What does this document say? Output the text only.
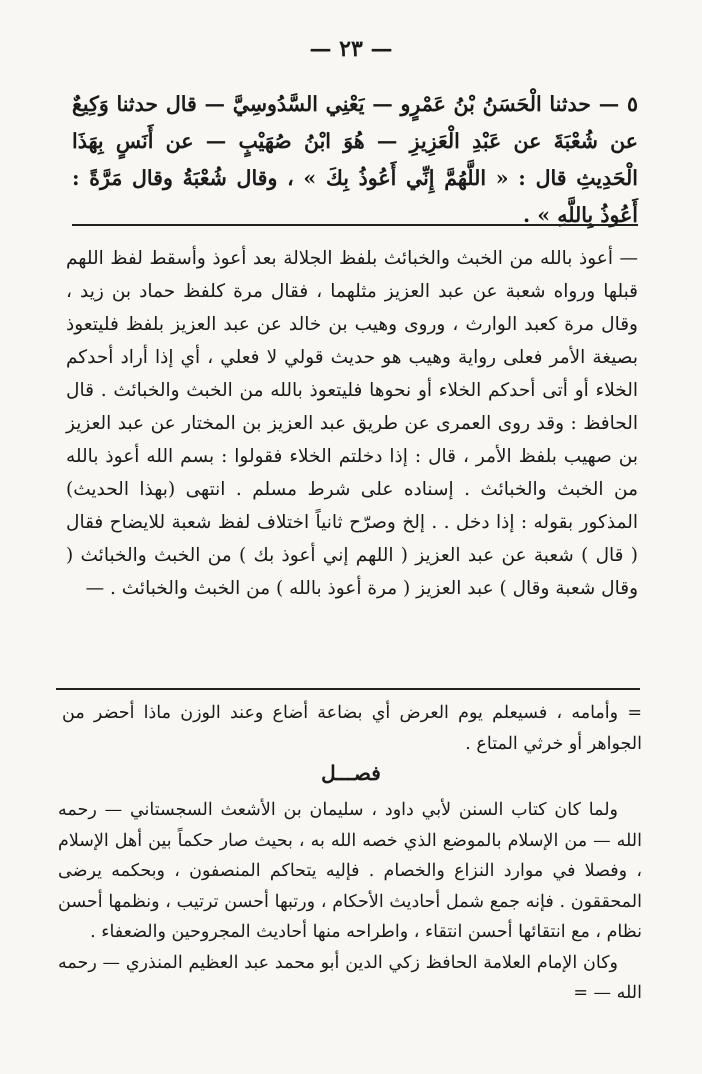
— ٢٣ —

٥ — حدثنا الْحَسَنُ بْنُ عَمْرٍو — يَعْنِي السَّدُوسِيَّ — قال حدثنا وَكِيعٌ عن شُعْبَةَ عن عَبْدِ الْعَزِيزِ — هُوَ ابْنُ صُهَيْبٍ — عن أَنَسٍ بِهَذَا الْحَدِيثِ قال : « اللَّهُمَّ إِنِّي أَعُوذُ بِكَ » ، وقال شُعْبَةُ وقال مَرَّةً : أَعُوذُ بِاللَّهِ » .

— أعوذ بالله من الخبث والخبائث بلفظ الجلالة بعد أعوذ وأسقط لفظ اللهم قبلها ورواه شعبة عن عبد العزيز مثلهما ، فقال مرة كلفظ حماد بن زيد ، وقال مرة كعبد الوارث ، وروى وهيب بن خالد عن عبد العزيز بلفظ فليتعوذ بصيغة الأمر فعلى رواية وهيب هو حديث قولي لا فعلي ، أي إذا أراد أحدكم الخلاء أو أتى أحدكم الخلاء أو نحوها فليتعوذ بالله من الخبث والخبائث . قال الحافظ : وقد روى العمرى عن طريق عبد العزيز بن المختار عن عبد العزيز بن صهيب بلفظ الأمر ، قال : إذا دخلتم الخلاء فقولوا : بسم الله أعوذ بالله من الخبث والخبائث . إسناده على شرط مسلم . انتهى (بهذا الحديث) المذكور بقوله : إذا دخل . . إلخ وصرّح ثانياً اختلاف لفظ شعبة للايضاح فقال ( قال ) شعبة عن عبد العزيز ( اللهم إني أعوذ بك ) من الخبث والخبائث ( وقال شعبة وقال ) عبد العزيز ( مرة أعوذ بالله ) من الخبث والخبائث . —

= وأمامه ، فسيعلم يوم العرض أي بضاعة أضاع وعند الوزن ماذا أحضر من الجواهر أو خرثي المتاع .

فصـــل

ولما كان كتاب السنن لأبي داود ، سليمان بن الأشعث السجستاني — رحمه الله — من الإسلام بالموضع الذي خصه الله به ، بحيث صار حكماً بين أهل الإسلام ، وفصلا في موارد النزاع والخصام . فإليه يتحاكم المنصفون ، وبحكمه يرضى المحققون . فإنه جمع شمل أحاديث الأحكام ، ورتبها أحسن ترتيب ، ونظمها أحسن نظام ، مع انتقائها أحسن انتقاء ، واطراحه منها أحاديث المجروحين والضعفاء .

وكان الإمام العلامة الحافظ زكي الدين أبو محمد عبد العظيم المنذري — رحمه الله — =
